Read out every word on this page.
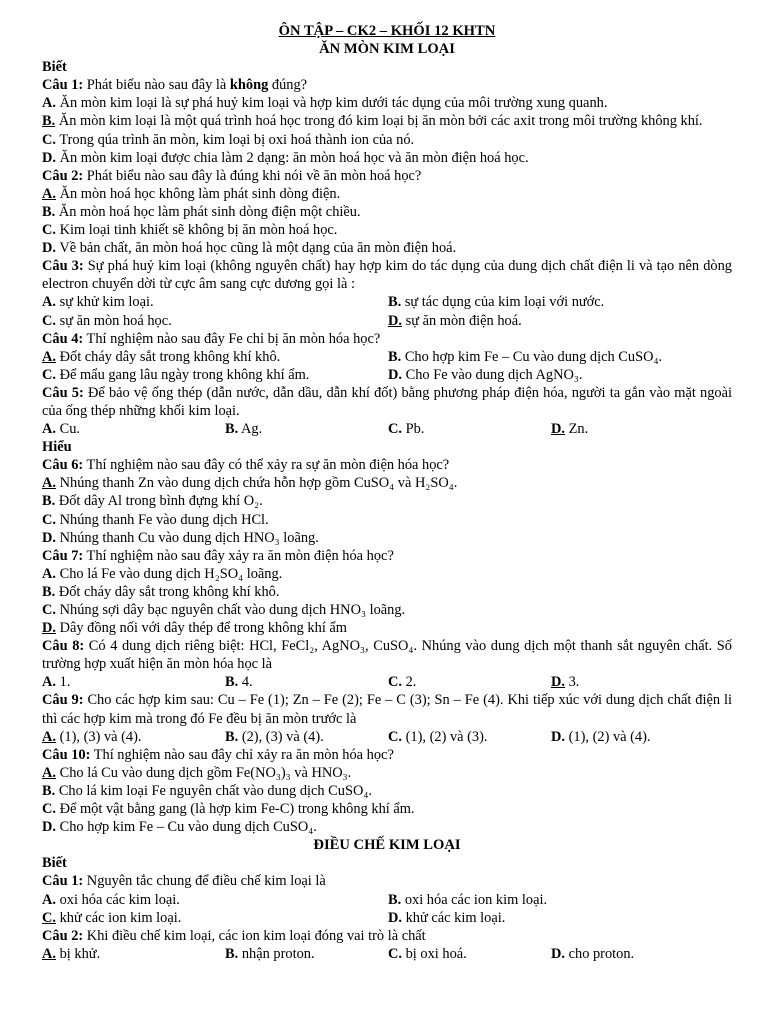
ÔN TẬP – CK2 – KHỐI 12 KHTN
ĂN MÒN KIM LOẠI
Biết
Câu 1: Phát biểu nào sau đây là không đúng?
A. Ăn mòn kim loại là sự phá huỷ kim loại và hợp kim dưới tác dụng của môi trường xung quanh.
B. Ăn mòn kim loại là một quá trình hoá học trong đó kim loại bị ăn mòn bởi các axit trong môi trường không khí.
C. Trong qúa trình ăn mòn, kim loại bị oxi hoá thành ion của nó.
D. Ăn mòn kim loại được chia làm 2 dạng: ăn mòn hoá học và ăn mòn điện hoá học.
Câu 2: Phát biểu nào sau đây là đúng khi nói về ăn mòn hoá học?
A. Ăn mòn hoá học không làm phát sinh dòng điện.
B. Ăn mòn hoá học làm phát sinh dòng điện một chiều.
C. Kim loại tinh khiết sẽ không bị ăn mòn hoá học.
D. Về bản chất, ăn mòn hoá học cũng là một dạng của ăn mòn điện hoá.
Câu 3: Sự phá huỷ kim loại (không nguyên chất) hay hợp kim do tác dụng của dung dịch chất điện li và tạo nên dòng electron chuyển dời từ cực âm sang cực dương gọi là :
A. sự khử kim loại.	B. sự tác dụng của kim loại với nước.
C. sự ăn mòn hoá học.	D. sự ăn mòn điện hoá.
Câu 4: Thí nghiệm nào sau đây Fe chỉ bị ăn mòn hóa học?
A. Đốt cháy dây sắt trong không khí khô.	B. Cho hợp kim Fe – Cu vào dung dịch CuSO₄.
C. Để mẩu gang lâu ngày trong không khí ẩm.	D. Cho Fe vào dung dịch AgNO₃.
Câu 5: Để bảo vệ ống thép (dẫn nước, dẫn dầu, dẫn khí đốt) bằng phương pháp điện hóa, người ta gắn vào mặt ngoài của ống thép những khối kim loại.
A. Cu.	B. Ag.	C. Pb.	D. Zn.
Hiểu
Câu 6: Thí nghiệm nào sau đây có thể xảy ra sự ăn mòn điện hóa học?
A. Nhúng thanh Zn vào dung dịch chứa hỗn hợp gồm CuSO₄ và H₂SO₄.
B. Đốt dây Al trong bình đựng khí O₂.
C. Nhúng thanh Fe vào dung dịch HCl.
D. Nhúng thanh Cu vào dung dịch HNO₃ loãng.
Câu 7: Thí nghiệm nào sau đây xảy ra ăn mòn điện hóa học?
A. Cho lá Fe vào dung dịch H₂SO₄ loãng.
B. Đốt cháy dây sắt trong không khí khô.
C. Nhúng sợi dây bạc nguyên chất vào dung dịch HNO₃ loãng.
D. Dây đồng nối với dây thép để trong không khí ẩm
Câu 8: Có 4 dung dịch riêng biệt: HCl, FeCl₂, AgNO₃, CuSO₄. Nhúng vào dung dịch một thanh sắt nguyên chất. Số trường hợp xuất hiện ăn mòn hóa học là
A. 1.	B. 4.	C. 2.	D. 3.
Câu 9: Cho các hợp kim sau: Cu – Fe (1); Zn – Fe (2); Fe – C (3); Sn – Fe (4). Khi tiếp xúc với dung dịch chất điện li thì các hợp kim mà trong đó Fe đều bị ăn mòn trước là
A. (1), (3) và (4).	B. (2), (3) và (4).	C. (1), (2) và (3).	D. (1), (2) và (4).
Câu 10: Thí nghiệm nào sau đây chỉ xảy ra ăn mòn hóa học?
A. Cho lá Cu vào dung dịch gồm Fe(NO₃)₃ và HNO₃.
B. Cho lá kim loại Fe nguyên chất vào dung dịch CuSO₄.
C. Để một vật bằng gang (là hợp kim Fe-C) trong không khí ẩm.
D. Cho hợp kim Fe – Cu vào dung dịch CuSO₄.
ĐIỀU CHẾ KIM LOẠI
Biết
Câu 1: Nguyên tắc chung để điều chế kim loại là
A. oxi hóa các kim loại.	B. oxi hóa các ion kim loại.
C. khử các ion kim loại.	D. khử các kim loại.
Câu 2: Khi điều chế kim loại, các ion kim loại đóng vai trò là chất
A. bị khử.	B. nhận proton.	C. bị oxi hoá.	D. cho proton.
